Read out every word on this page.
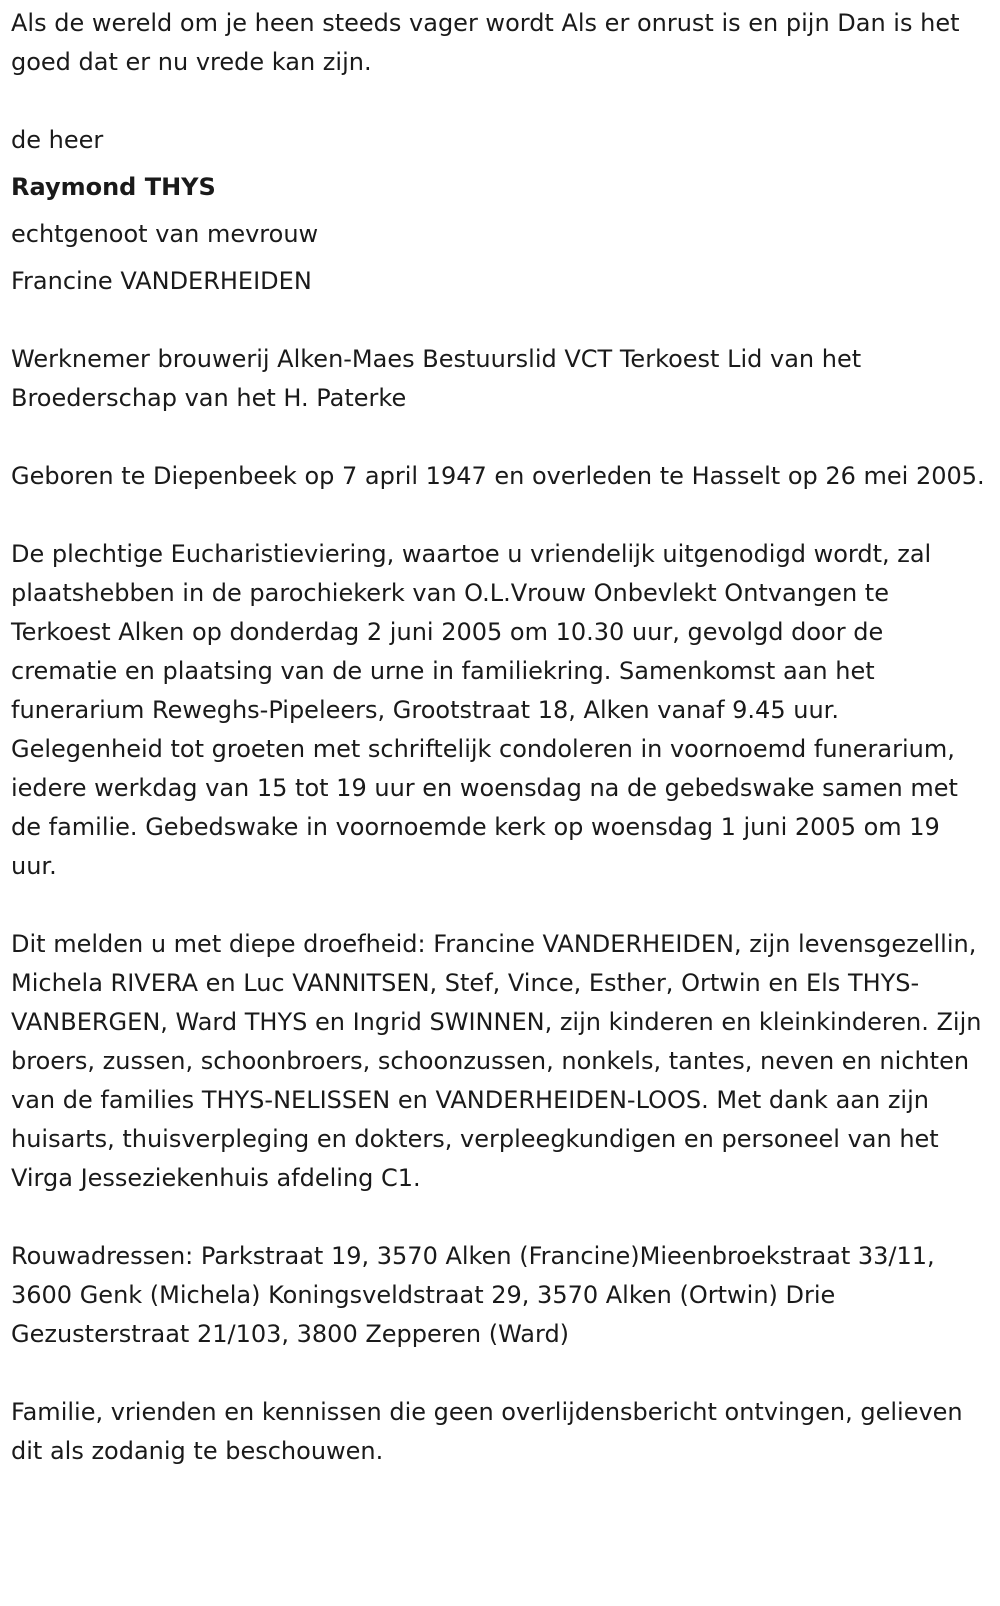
Als de wereld om je heen steeds vager wordt Als er onrust is en pijn Dan is het goed dat er nu vrede kan zijn.

de heer
Raymond THYS
echtgenoot van mevrouw
Francine VANDERHEIDEN

Werknemer brouwerij Alken-Maes Bestuurslid VCT Terkoest Lid van het Broederschap van het H. Paterke

Geboren te Diepenbeek op 7 april 1947 en overleden te Hasselt op 26 mei 2005.

De plechtige Eucharistieviering, waartoe u vriendelijk uitgenodigd wordt, zal plaatshebben in de parochiekerk van O.L.Vrouw Onbevlekt Ontvangen te Terkoest Alken op donderdag 2 juni 2005 om 10.30 uur, gevolgd door de crematie en plaatsing van de urne in familiekring. Samenkomst aan het funerarium Reweghs-Pipeleers, Grootstraat 18, Alken vanaf 9.45 uur. Gelegenheid tot groeten met schriftelijk condoleren in voornoemd funerarium, iedere werkdag van 15 tot 19 uur en woensdag na de gebedswake samen met de familie. Gebedswake in voornoemde kerk op woensdag 1 juni 2005 om 19 uur.

Dit melden u met diepe droefheid: Francine VANDERHEIDEN, zijn levensgezellin, Michela RIVERA en Luc VANNITSEN, Stef, Vince, Esther, Ortwin en Els THYS-VANBERGEN, Ward THYS en Ingrid SWINNEN, zijn kinderen en kleinkinderen. Zijn broers, zussen, schoonbroers, schoonzussen, nonkels, tantes, neven en nichten van de families THYS-NELISSEN en VANDERHEIDEN-LOOS. Met dank aan zijn huisarts, thuisverpleging en dokters, verpleegkundigen en personeel van het Virga Jesseziekenhuis afdeling C1.

Rouwadressen: Parkstraat 19, 3570 Alken (Francine)Mieenbroekstraat 33/11, 3600 Genk (Michela) Koningsveldstraat 29, 3570 Alken (Ortwin) Drie Gezusterstraat 21/103, 3800 Zepperen (Ward)

Familie, vrienden en kennissen die geen overlijdensbericht ontvingen, gelieven dit als zodanig te beschouwen.
